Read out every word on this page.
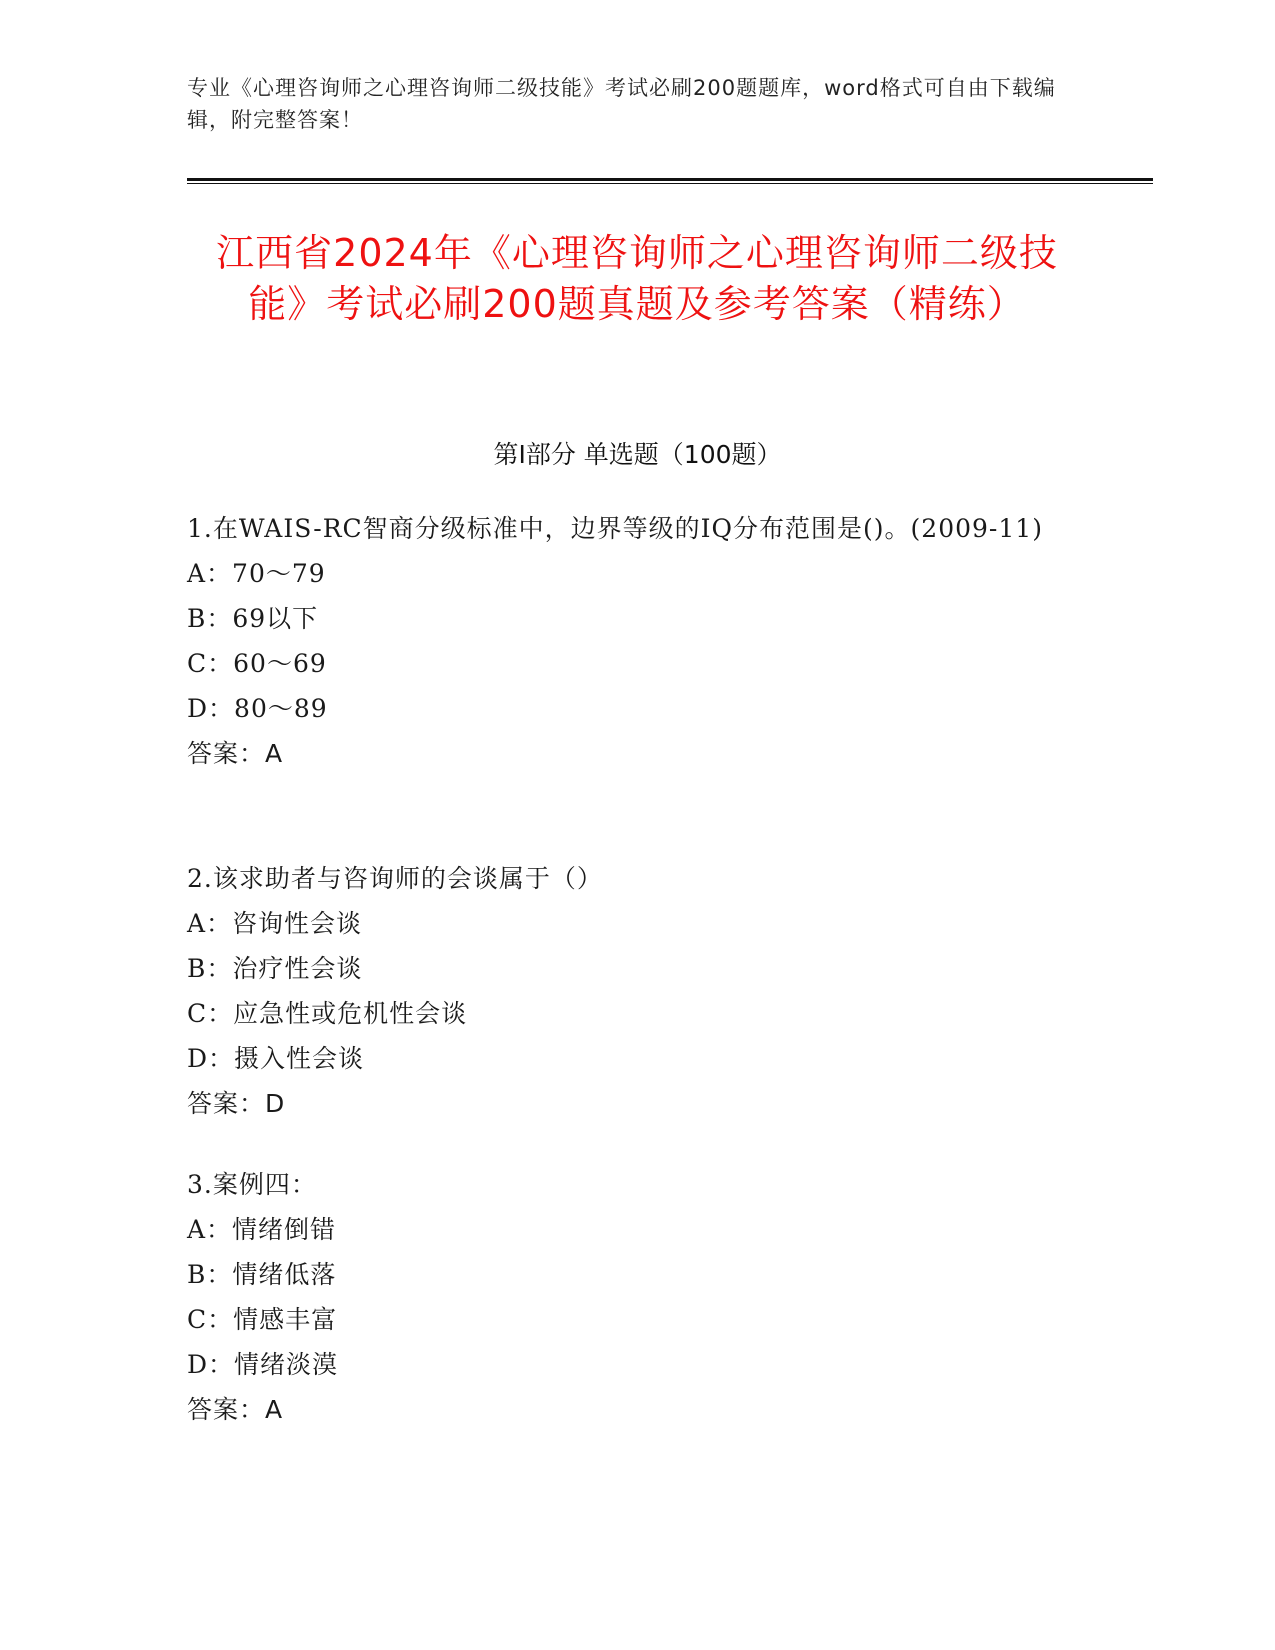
专业《心理咨询师之心理咨询师二级技能》考试必刷200题题库，word格式可自由下载编辑，附完整答案！
江西省2024年《心理咨询师之心理咨询师二级技能》考试必刷200题真题及参考答案（精练）
第Ⅰ部分 单选题（100题）

1.在WAIS-RC智商分级标准中，边界等级的IQ分布范围是()。(2009-11)

A：70～79

B：69以下

C：60～69

D：80～89

答案：A

2.该求助者与咨询师的会谈属于（）

A：咨询性会谈

B：治疗性会谈

C：应急性或危机性会谈

D：摄入性会谈

答案：D

3.案例四：

A：情绪倒错

B：情绪低落

C：情感丰富

D：情绪淡漠

答案：A
